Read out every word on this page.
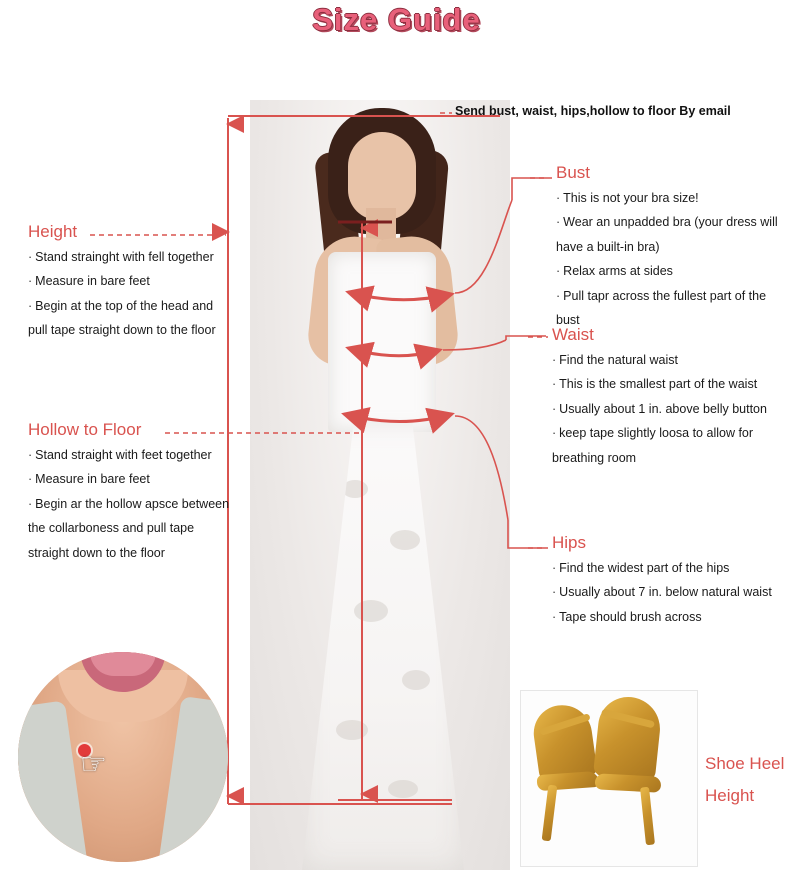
Size Guide
Send bust, waist, hips,hollow to floor By email
Height
· Stand strainght with fell together
· Measure in bare feet
· Begin at the top of the head and pull tape straight down to the floor
Hollow to Floor
· Stand straight with feet together
· Measure in bare feet
· Begin ar the hollow apsce between the collarboness and pull tape straight down to the floor
Bust
· This is not your bra size!
· Wear an unpadded bra (your dress will have a built-in bra)
· Relax arms at sides
· Pull tapr across the fullest part of the bust
Waist
· Find the natural waist
· This is the smallest part of the waist
· Usually about 1 in. above belly button
· keep tape slightly loosa to allow for breathing room
Hips
· Find the widest part of the hips
· Usually about 7 in. below natural waist
· Tape should brush across
☞	Shoe Heel
Height
